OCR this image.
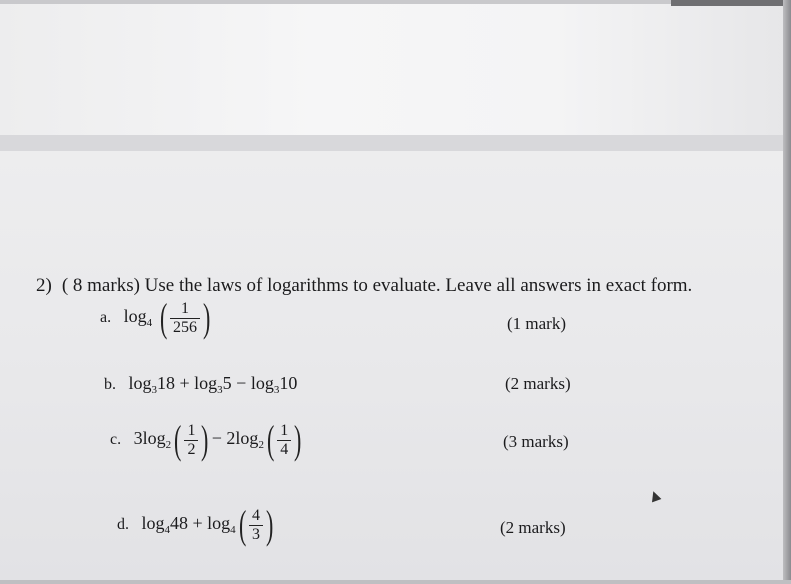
2) ( 8 marks) Use the laws of logarithms to evaluate. Leave all answers in exact form.
a. $\log_4$ ( $\frac{1}{256}$ )	(1 mark)
b. $\log_318 + \log_35 - \log_310$	(2 marks)
c. $3\log_2( \frac{1}{2}$ ) − $2\log_2( \frac{1}{4}$ )	(3 marks)
d. $\log_448 + \log_4( \frac{4}{3}$ )	(2 marks)
